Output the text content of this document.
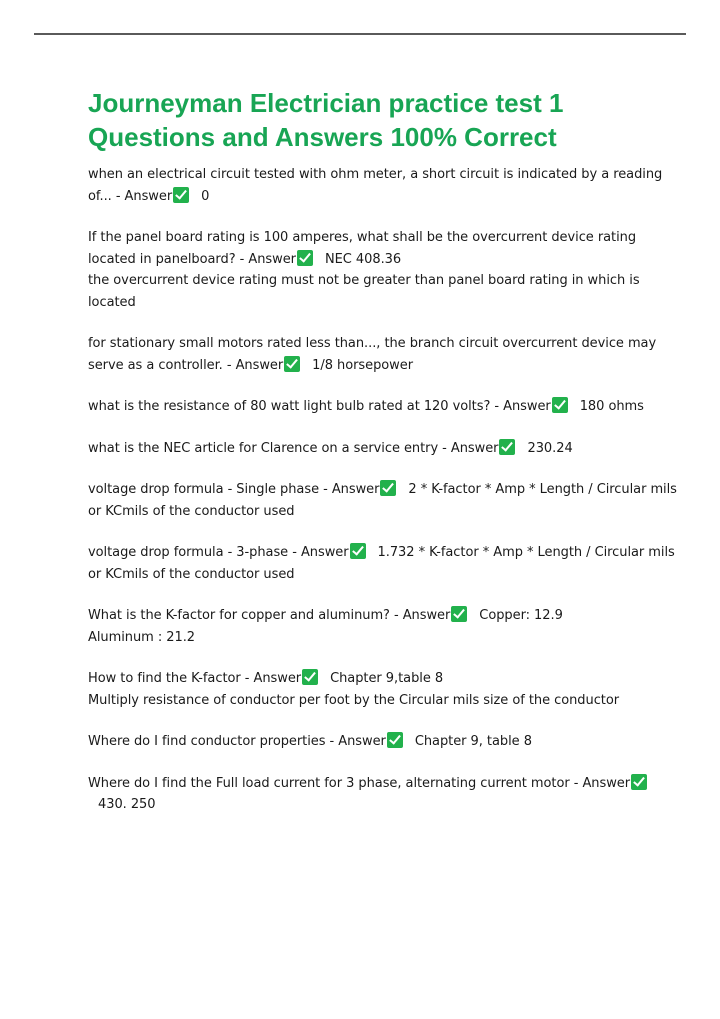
Journeyman Electrician practice test 1
Questions and Answers 100% Correct

when an electrical circuit tested with ohm meter, a short circuit is indicated by a reading of... - Answer 0

If the panel board rating is 100 amperes, what shall be the overcurrent device rating located in panelboard? - Answer NEC 408.36
the overcurrent device rating must not be greater than panel board rating in which is located

for stationary small motors rated less than..., the branch circuit overcurrent device may serve as a controller. - Answer 1/8 horsepower

what is the resistance of 80 watt light bulb rated at 120 volts? - Answer 180 ohms

what is the NEC article for Clarence on a service entry - Answer 230.24

voltage drop formula - Single phase - Answer 2 * K-factor * Amp * Length / Circular mils or KCmils of the conductor used

voltage drop formula - 3-phase - Answer 1.732 * K-factor * Amp * Length / Circular mils or KCmils of the conductor used

What is the K-factor for copper and aluminum? - Answer Copper: 12.9
Aluminum : 21.2

How to find the K-factor - Answer Chapter 9,table 8
Multiply resistance of conductor per foot by the Circular mils size of the conductor

Where do I find conductor properties - Answer Chapter 9, table 8

Where do I find the Full load current for 3 phase, alternating current motor - Answer430. 250
